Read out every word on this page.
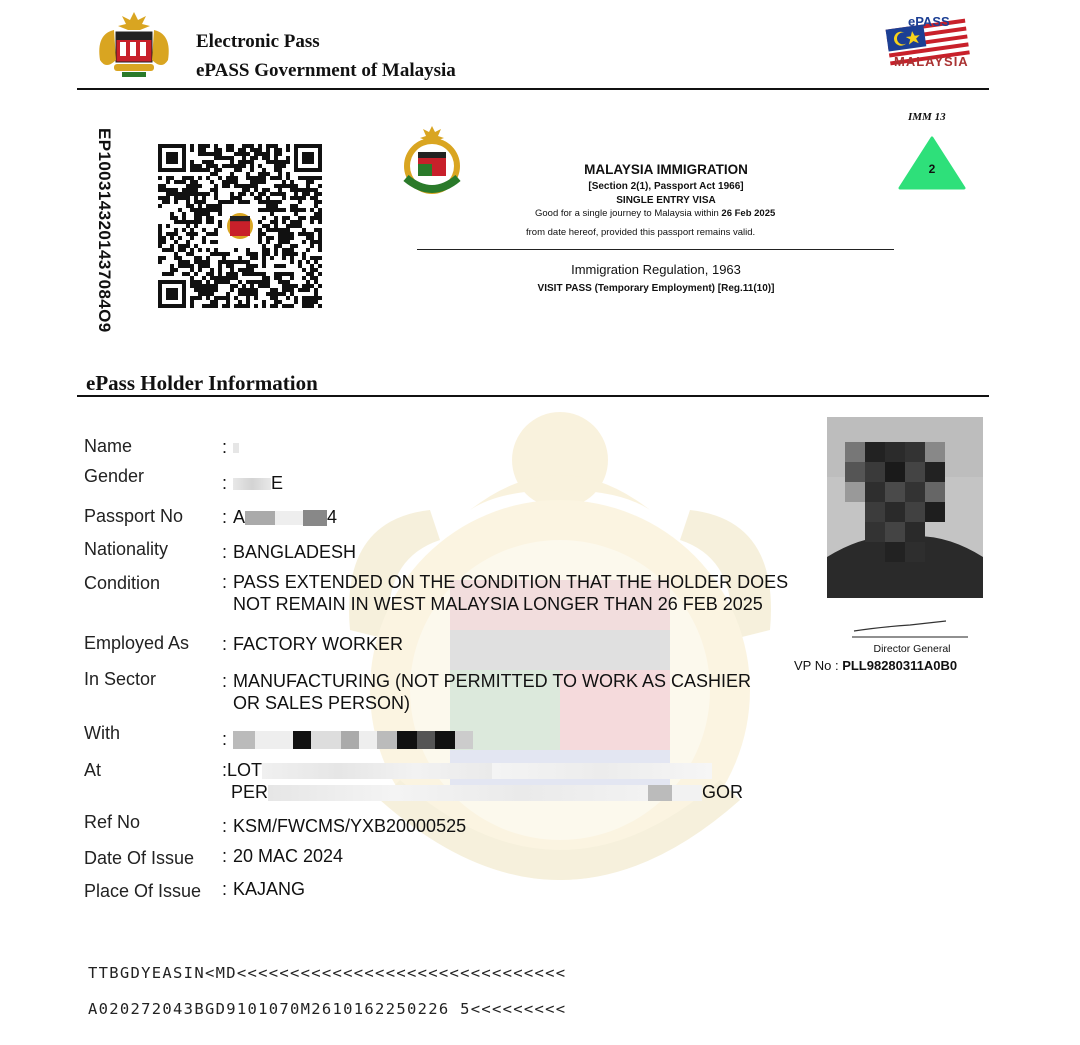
Electronic Pass
ePASS Government of Malaysia
ePASS
MALAYSIA
EP1003143201437084O9
IMM 13
2
MALAYSIA IMMIGRATION
[Section 2(1), Passport Act 1966]
SINGLE ENTRY VISA
Good for a single journey to Malaysia within 26 Feb 2025
from date hereof, provided this passport remains valid.
Immigration Regulation, 1963
VISIT PASS (Temporary Employment) [Reg.11(10)]
ePass Holder Information
Director General
VP No : PLL98280311A0B0
Name	:
Gender	: E
Passport No : A	4
Nationality	: BANGLADESH
Condition	: PASS EXTENDED ON THE CONDITION THAT THE HOLDER DOES
NOT REMAIN IN WEST MALAYSIA LONGER THAN 26 FEB 2025
Employed As : FACTORY WORKER
In Sector	: MANUFACTURING (NOT PERMITTED TO WORK AS CASHIER
OR SALES PERSON)
With	:
At	:LOT
PER	GOR
Ref No	: KSM/FWCMS/YXB20000525
Date Of Issue : 20 MAC 2024
Place Of Issue : KAJANG
TTBGDYEASIN<MD<<<<<<<<<<<<<<<<<<<<<<<<<<<<<<<
A020272043BGD9101070M2610162250226 5<<<<<<<<<
